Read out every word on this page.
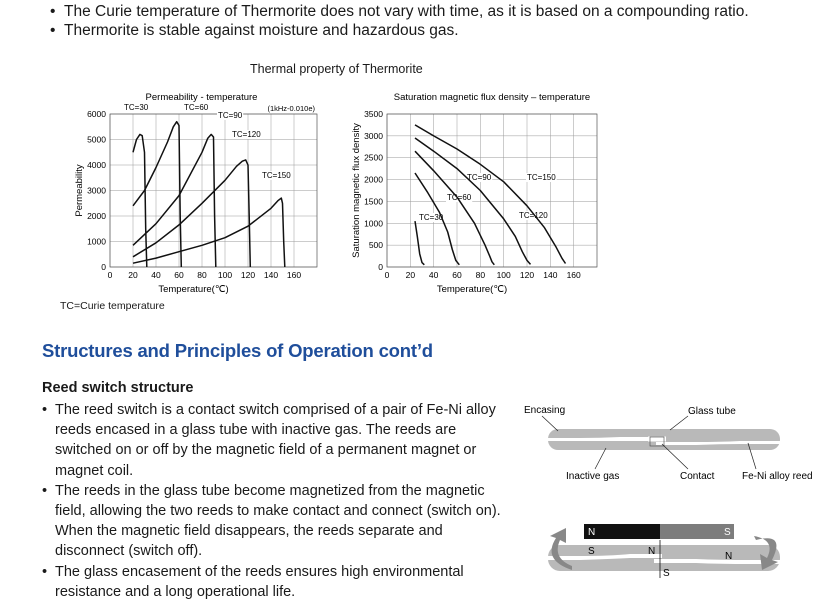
• The Curie temperature of Thermorite does not vary with time, as it is based on a compounding ratio.
• Thermorite is stable against moisture and hazardous gas.
Thermal property of Thermorite
0 20 40 60 80 100 120 140 160
0
1000
2000
3000
4000
5000
6000
Permeability - temperature
(1kHz-0.010e)
Temperature(℃)
Permeability
TC=30	TC=60
TC=90
TC=120
TC=150
0 20 40 60 80 100 120 140 160
0
500
1000
1500
2000
2500
3000
3500
Saturation magnetic flux density – temperature
Temperature(℃)
Saturation magnetic flux density	TC=30
TC=60
TC=90
TC=120
TC=150
TC=Curie temperature
Structures and Principles of Operation cont’d
Reed switch structure
• The reed switch is a contact switch comprised of a pair of Fe-Ni alloy reeds encased in a glass tube with inactive gas. The reeds are switched on or off by the magnetic field of a permanent magnet or magnet coil.
• The reeds in the glass tube become magnetized from the magnetic field, allowing the two reeds to make contact and connect (switch on). When the magnetic field disappears, the reeds separate and disconnect (switch off).
• The glass encasement of the reeds ensures high environmental resistance and a long operational life.
Encasing	Glass tube
Inactive gas	Contact	Fe-Ni alloy reed
N	S
S	N	N
S
